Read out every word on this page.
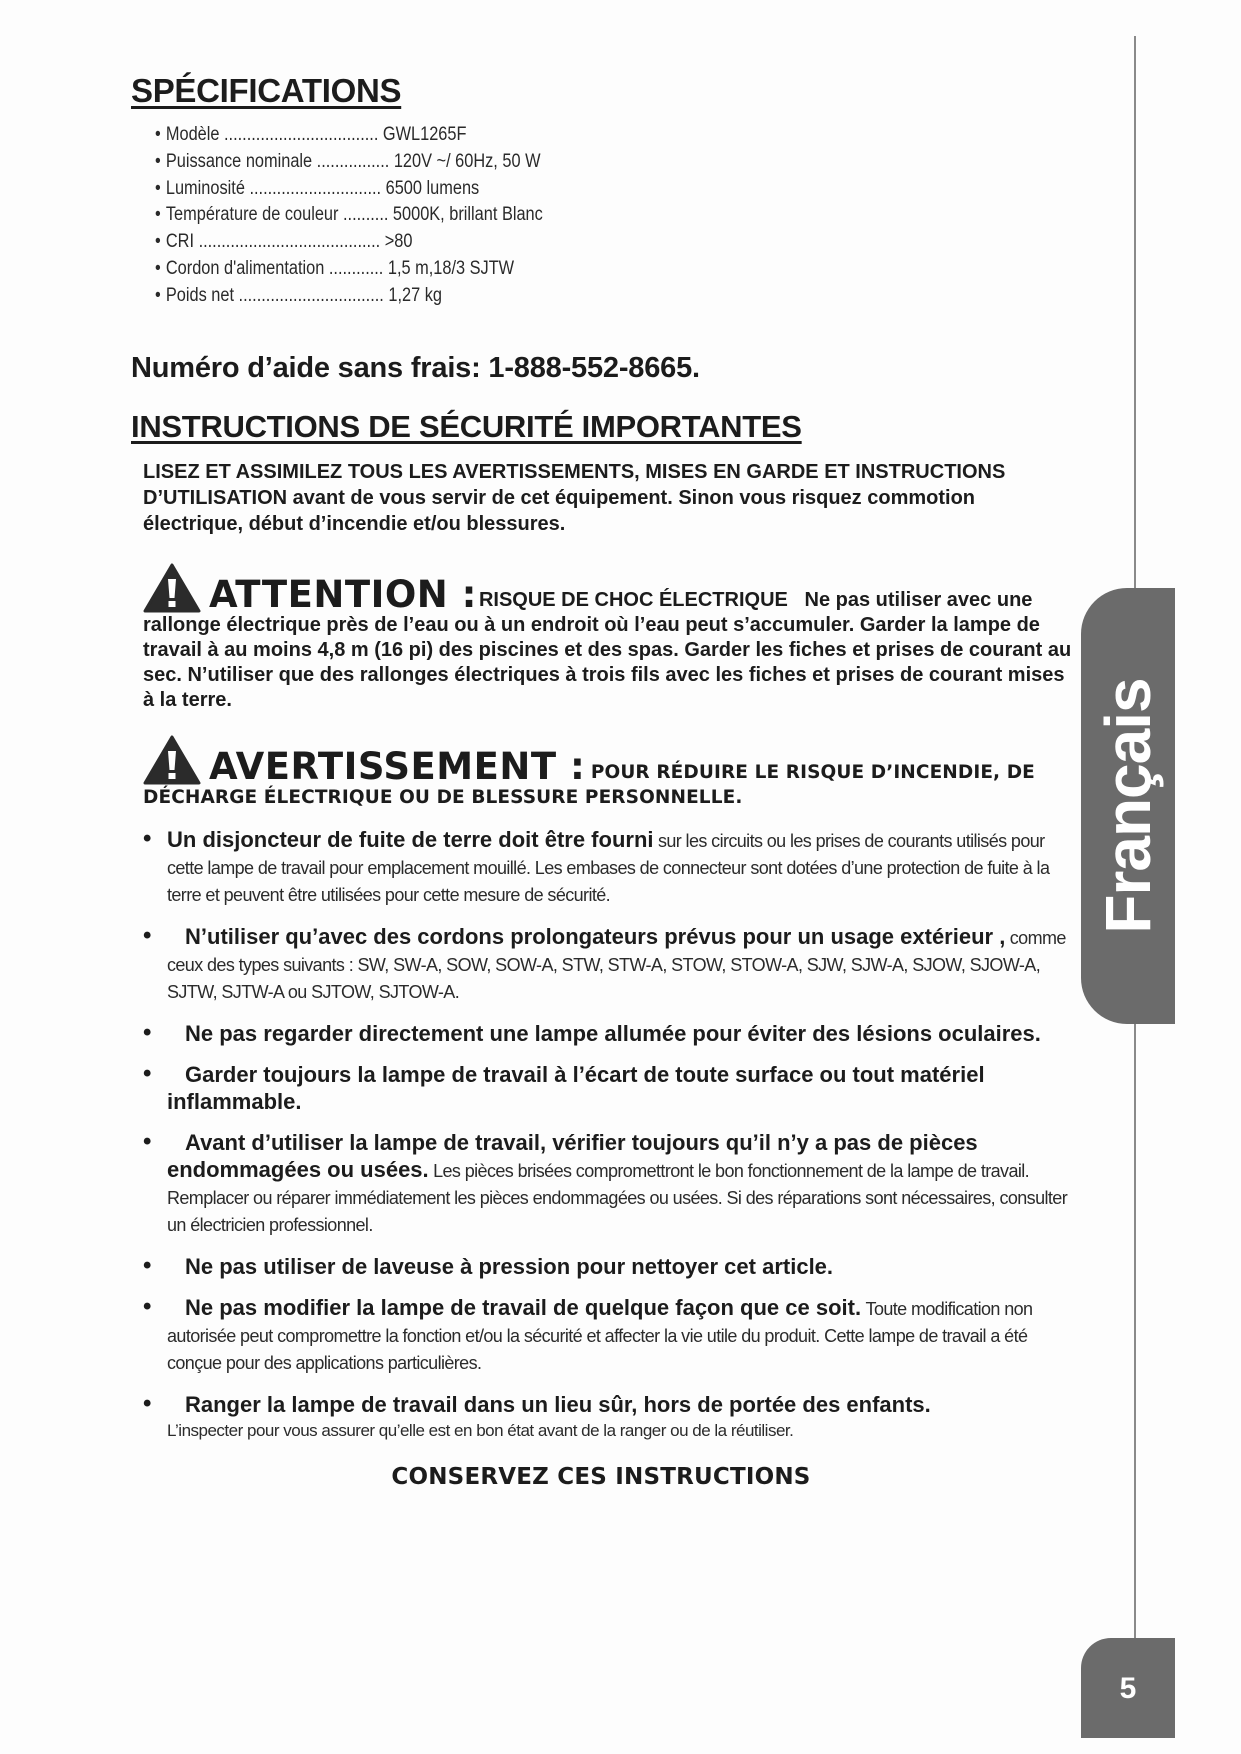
Français
5
SPÉCIFICATIONS
• Modèle .................................. GWL1265F
• Puissance nominale ................ 120V ~/ 60Hz, 50 W
• Luminosité ............................. 6500 lumens
• Température de couleur .......... 5000K, brillant Blanc
• CRI ........................................ >80
• Cordon d'alimentation ............ 1,5 m,18/3 SJTW
• Poids net ................................ 1,27 kg

Numéro d’aide sans frais: 1-888-552-8665.

INSTRUCTIONS DE SÉCURITÉ IMPORTANTES

LISEZ ET ASSIMILEZ TOUS LES AVERTISSEMENTS, MISES EN GARDE ET INSTRUCTIONS D’UTILISATION avant de vous servir de cet équipement. Sinon vous risquez commotion électrique, début d’incendie et/ou blessures.

ATTENTION : RISQUE DE CHOC ÉLECTRIQUE Ne pas utiliser avec une rallonge électrique près de l’eau ou à un endroit où l’eau peut s’accumuler. Garder la lampe de travail à au moins 4,8 m (16 pi) des piscines et des spas. Garder les fiches et prises de courant au sec. N’utiliser que des rallonges électriques à trois fils avec les fiches et prises de courant mises à la terre.
AVERTISSEMENT : POUR RÉDUIRE LE RISQUE D’INCENDIE, DE DÉCHARGE ÉLECTRIQUE OU DE BLESSURE PERSONNELLE.
• Un disjoncteur de fuite de terre doit être fourni sur les circuits ou les prises de courants utilisés pour cette lampe de travail pour emplacement mouillé. Les embases de connecteur sont dotées d’une protection de fuite à la terre et peuvent être utilisées pour cette mesure de sécurité.
• N’utiliser qu’avec des cordons prolongateurs prévus pour un usage extérieur , comme ceux des types suivants : SW, SW-A, SOW, SOW-A, STW, STW-A, STOW, STOW-A, SJW, SJW-A, SJOW, SJOW-A, SJTW, SJTW-A ou SJTOW, SJTOW-A.
• Ne pas regarder directement une lampe allumée pour éviter des lésions oculaires.
• Garder toujours la lampe de travail à l’écart de toute surface ou tout matériel inflammable.
• Avant d’utiliser la lampe de travail, vérifier toujours qu’il n’y a pas de pièces endommagées ou usées. Les pièces brisées compromettront le bon fonctionnement de la lampe de travail. Remplacer ou réparer immédiatement les pièces endommagées ou usées. Si des réparations sont nécessaires, consulter un électricien professionnel.
• Ne pas utiliser de laveuse à pression pour nettoyer cet article.
• Ne pas modifier la lampe de travail de quelque façon que ce soit. Toute modification non autorisée peut compromettre la fonction et/ou la sécurité et affecter la vie utile du produit. Cette lampe de travail a été conçue pour des applications particulières.
• Ranger la lampe de travail dans un lieu sûr, hors de portée des enfants.
L’inspecter pour vous assurer qu’elle est en bon état avant de la ranger ou de la réutiliser.

CONSERVEZ CES INSTRUCTIONS
